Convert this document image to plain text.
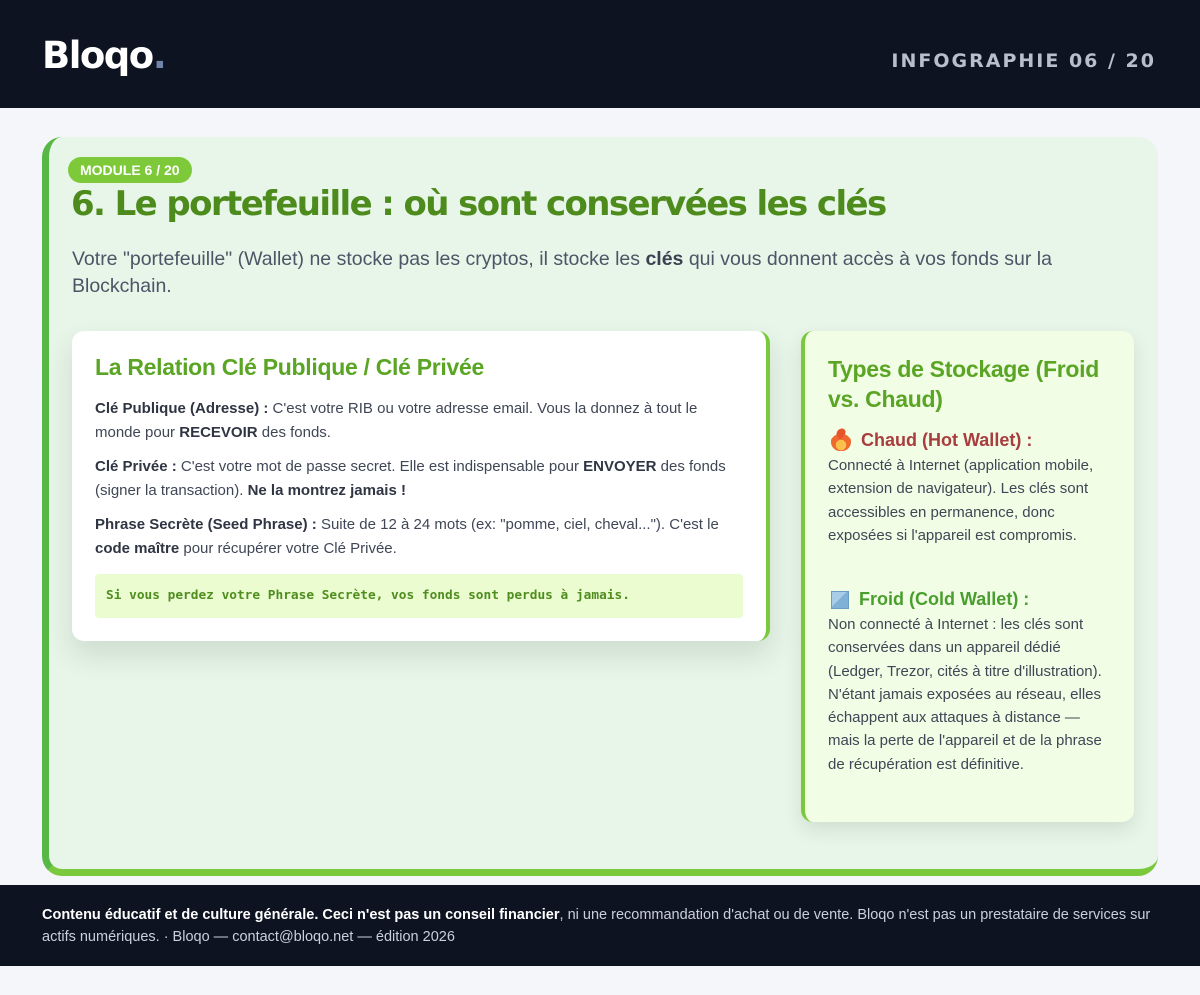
Bloqo.	INFOGRAPHIE 06 / 20
MODULE 6 / 20
6. Le portefeuille : où sont conservées les clés

Votre "portefeuille" (Wallet) ne stocke pas les cryptos, il stocke les clés qui vous donnent accès à vos fonds sur la Blockchain.

La Relation Clé Publique / Clé Privée

Clé Publique (Adresse) : C'est votre RIB ou votre adresse email. Vous la donnez à tout le monde pour RECEVOIR des fonds.

Clé Privée : C'est votre mot de passe secret. Elle est indispensable pour ENVOYER des fonds (signer la transaction). Ne la montrez jamais !

Phrase Secrète (Seed Phrase) : Suite de 12 à 24 mots (ex: "pomme, ciel, cheval..."). C'est le code maître pour récupérer votre Clé Privée.

Si vous perdez votre Phrase Secrète, vos fonds sont perdus à jamais.
Types de Stockage (Froid vs. Chaud)
Chaud (Hot Wallet) :

Connecté à Internet (application mobile, extension de navigateur). Les clés sont accessibles en permanence, donc exposées si l'appareil est compromis.

Froid (Cold Wallet) :

Non connecté à Internet : les clés sont conservées dans un appareil dédié (Ledger, Trezor, cités à titre d'illustration). N'étant jamais exposées au réseau, elles échappent aux attaques à distance — mais la perte de l'appareil et de la phrase de récupération est définitive.

Contenu éducatif et de culture générale. Ceci n'est pas un conseil financier, ni une recommandation d'achat ou de vente. Bloqo n'est pas un prestataire de services sur actifs numériques. · Bloqo — contact@bloqo.net — édition 2026
